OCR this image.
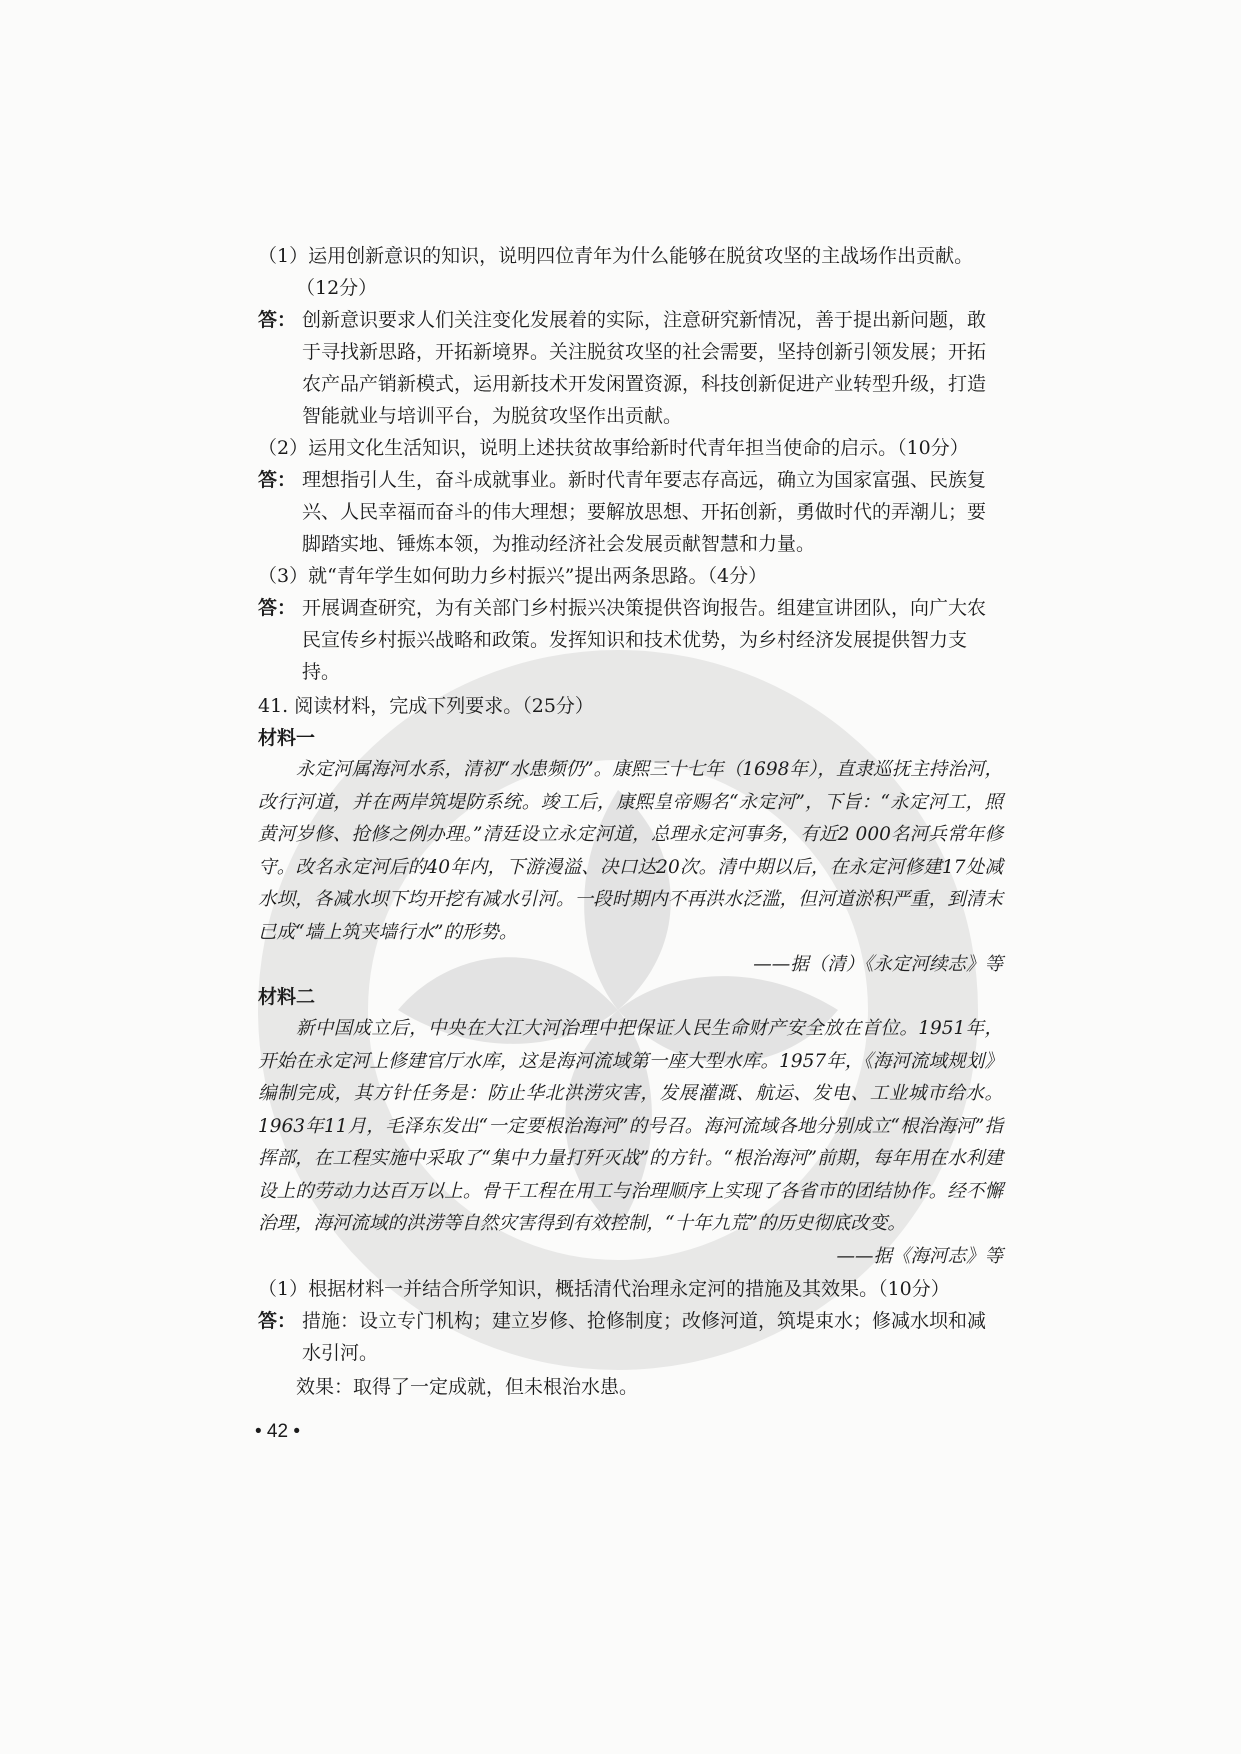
（1）运用创新意识的知识，说明四位青年为什么能够在脱贫攻坚的主战场作出贡献。
（12分）
答： 创新意识要求人们关注变化发展着的实际，注意研究新情况，善于提出新问题，敢于寻找新思路，开拓新境界。关注脱贫攻坚的社会需要，坚持创新引领发展；开拓农产品产销新模式，运用新技术开发闲置资源，科技创新促进产业转型升级，打造智能就业与培训平台，为脱贫攻坚作出贡献。
（2）运用文化生活知识，说明上述扶贫故事给新时代青年担当使命的启示。（10分）
答： 理想指引人生，奋斗成就事业。新时代青年要志存高远，确立为国家富强、民族复兴、人民幸福而奋斗的伟大理想；要解放思想、开拓创新，勇做时代的弄潮儿；要脚踏实地、锤炼本领，为推动经济社会发展贡献智慧和力量。
（3）就“青年学生如何助力乡村振兴”提出两条思路。（4分）
答： 开展调查研究，为有关部门乡村振兴决策提供咨询报告。组建宣讲团队，向广大农民宣传乡村振兴战略和政策。发挥知识和技术优势，为乡村经济发展提供智力支持。
41. 阅读材料，完成下列要求。（25分）
材料一
永定河属海河水系，清初“水患频仍”。康熙三十七年（1698年），直隶巡抚主持治河，改行河道，并在两岸筑堤防系统。竣工后，康熙皇帝赐名“永定河”，下旨：“永定河工，照黄河岁修、抢修之例办理。”清廷设立永定河道，总理永定河事务，有近2 000名河兵常年修守。改名永定河后的40年内，下游漫溢、决口达20次。清中期以后，在永定河修建17处减水坝，各减水坝下均开挖有减水引河。一段时期内不再洪水泛滥，但河道淤积严重，到清末已成“墙上筑夹墙行水”的形势。
——据（清）《永定河续志》等
材料二
新中国成立后，中央在大江大河治理中把保证人民生命财产安全放在首位。1951年，开始在永定河上修建官厅水库，这是海河流域第一座大型水库。1957年，《海河流域规划》编制完成，其方针任务是：防止华北洪涝灾害，发展灌溉、航运、发电、工业城市给水。1963年11月，毛泽东发出“一定要根治海河”的号召。海河流域各地分别成立“根治海河”指挥部，在工程实施中采取了“集中力量打歼灭战”的方针。“根治海河”前期，每年用在水利建设上的劳动力达百万以上。骨干工程在用工与治理顺序上实现了各省市的团结协作。经不懈治理，海河流域的洪涝等自然灾害得到有效控制，“十年九荒”的历史彻底改变。
——据《海河志》等
（1）根据材料一并结合所学知识，概括清代治理永定河的措施及其效果。（10分）
答： 措施：设立专门机构；建立岁修、抢修制度；改修河道，筑堤束水；修减水坝和减水引河。
效果：取得了一定成就，但未根治水患。
• 42 •
